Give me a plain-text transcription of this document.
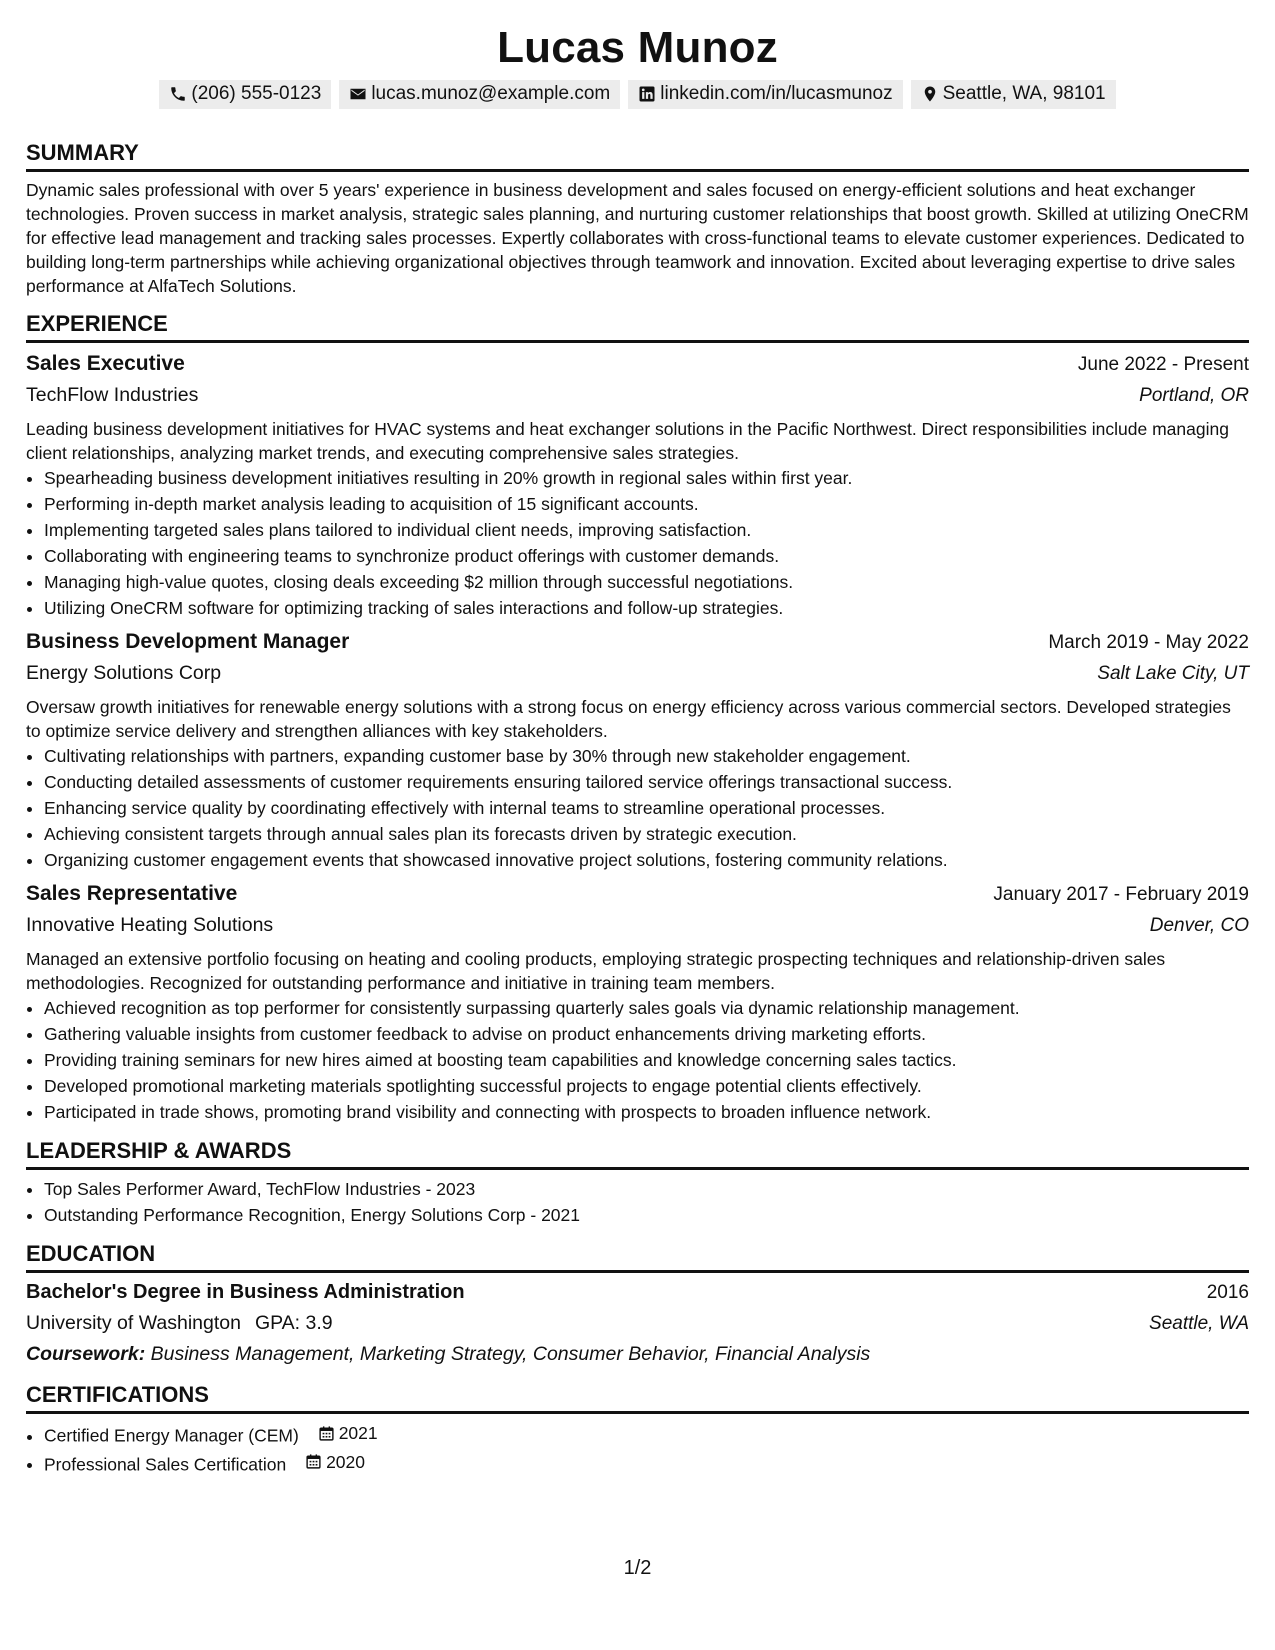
Lucas Munoz
(206) 555-0123	lucas.munoz@example.com	linkedin.com/in/lucasmunoz	Seattle, WA, 98101
SUMMARY

Dynamic sales professional with over 5 years' experience in business development and sales focused on energy-efficient solutions and heat exchanger technologies. Proven success in market analysis, strategic sales planning, and nurturing customer relationships that boost growth. Skilled at utilizing OneCRM for effective lead management and tracking sales processes. Expertly collaborates with cross-functional teams to elevate customer experiences. Dedicated to building long-term partnerships while achieving organizational objectives through teamwork and innovation. Excited about leveraging expertise to drive sales performance at AlfaTech Solutions.

EXPERIENCE
Sales Executive	June 2022 - Present
TechFlow Industries	Portland, OR

Leading business development initiatives for HVAC systems and heat exchanger solutions in the Pacific Northwest. Direct responsibilities include managing client relationships, analyzing market trends, and executing comprehensive sales strategies.

• Spearheading business development initiatives resulting in 20% growth in regional sales within first year.
• Performing in-depth market analysis leading to acquisition of 15 significant accounts.
• Implementing targeted sales plans tailored to individual client needs, improving satisfaction.
• Collaborating with engineering teams to synchronize product offerings with customer demands.
• Managing high-value quotes, closing deals exceeding $2 million through successful negotiations.
• Utilizing OneCRM software for optimizing tracking of sales interactions and follow-up strategies.
Business Development Manager	March 2019 - May 2022
Energy Solutions Corp	Salt Lake City, UT

Oversaw growth initiatives for renewable energy solutions with a strong focus on energy efficiency across various commercial sectors. Developed strategies to optimize service delivery and strengthen alliances with key stakeholders.

• Cultivating relationships with partners, expanding customer base by 30% through new stakeholder engagement.
• Conducting detailed assessments of customer requirements ensuring tailored service offerings transactional success.
• Enhancing service quality by coordinating effectively with internal teams to streamline operational processes.
• Achieving consistent targets through annual sales plan its forecasts driven by strategic execution.
• Organizing customer engagement events that showcased innovative project solutions, fostering community relations.
Sales Representative	January 2017 - February 2019
Innovative Heating Solutions	Denver, CO

Managed an extensive portfolio focusing on heating and cooling products, employing strategic prospecting techniques and relationship-driven sales methodologies. Recognized for outstanding performance and initiative in training team members.

• Achieved recognition as top performer for consistently surpassing quarterly sales goals via dynamic relationship management.
• Gathering valuable insights from customer feedback to advise on product enhancements driving marketing efforts.
• Providing training seminars for new hires aimed at boosting team capabilities and knowledge concerning sales tactics.
• Developed promotional marketing materials spotlighting successful projects to engage potential clients effectively.
• Participated in trade shows, promoting brand visibility and connecting with prospects to broaden influence network.
LEADERSHIP & AWARDS
• Top Sales Performer Award, TechFlow Industries - 2023
• Outstanding Performance Recognition, Energy Solutions Corp - 2021
EDUCATION
Bachelor's Degree in Business Administration	2016
University of Washington GPA: 3.9	Seattle, WA
Coursework: Business Management, Marketing Strategy, Consumer Behavior, Financial Analysis
CERTIFICATIONS
• Certified Energy Manager (CEM) 2021
• Professional Sales Certification 2020
1/2
